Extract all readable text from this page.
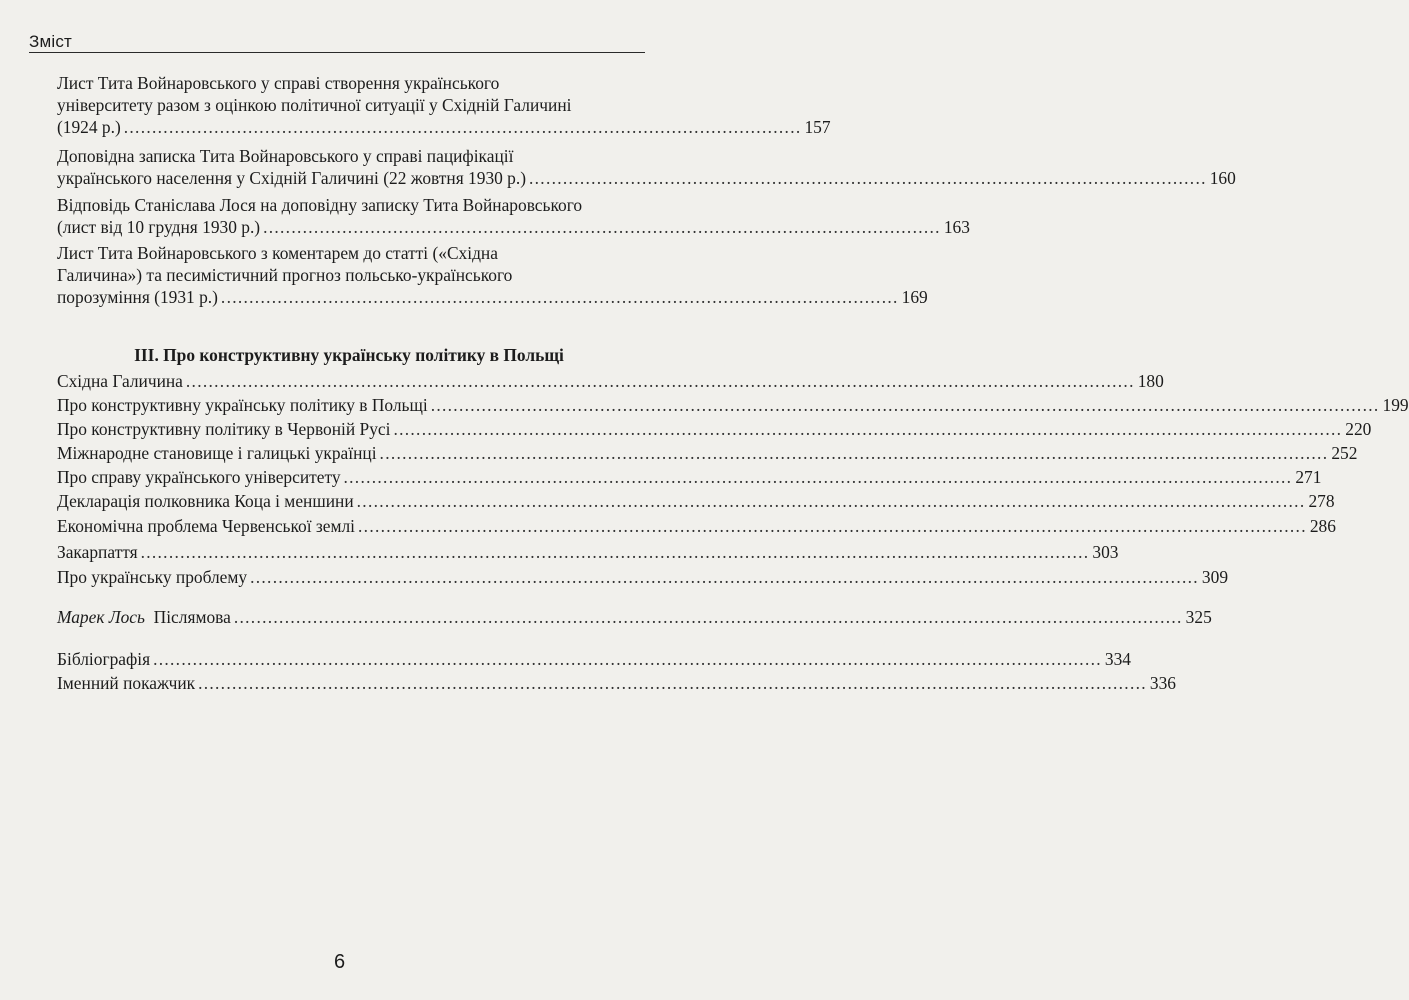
Зміст
Лист Тита Войнаровського у справі створення українського
університету разом з оцінкою політичної ситуації у Східній Галичині
(1924 р.) ........................................................................................................................ 157
Доповідна записка Тита Войнаровського у справі пацифікації
українського населення у Східній Галичині (22 жовтня 1930 р.) ........................................................................................................................ 160
Відповідь Станіслава Лося на доповідну записку Тита Войнаровського
(лист від 10 грудня 1930 р.) ........................................................................................................................ 163
Лист Тита Войнаровського з коментарем до статті («Східна
Галичина») та песимістичний прогноз польсько-українського
порозуміння (1931 р.) ........................................................................................................................ 169
ІІІ. Про конструктивну українську політику в Польщі
Східна Галичина ........................................................................................................................................................................ 180
Про конструктивну українську політику в Польщі ........................................................................................................................................................................ 199
Про конструктивну політику в Червоній Русі ........................................................................................................................................................................ 220
Міжнародне становище і галицькі українці ........................................................................................................................................................................ 252
Про справу українського університету ........................................................................................................................................................................ 271
Декларація полковника Коца і меншини ........................................................................................................................................................................ 278
Економічна проблема Червенської землі ........................................................................................................................................................................ 286
Закарпаття ........................................................................................................................................................................ 303
Про українську проблему ........................................................................................................................................................................ 309
Марек Лось Післямова ........................................................................................................................................................................ 325
Бібліографія ........................................................................................................................................................................ 334
Іменний покажчик ........................................................................................................................................................................ 336
6
